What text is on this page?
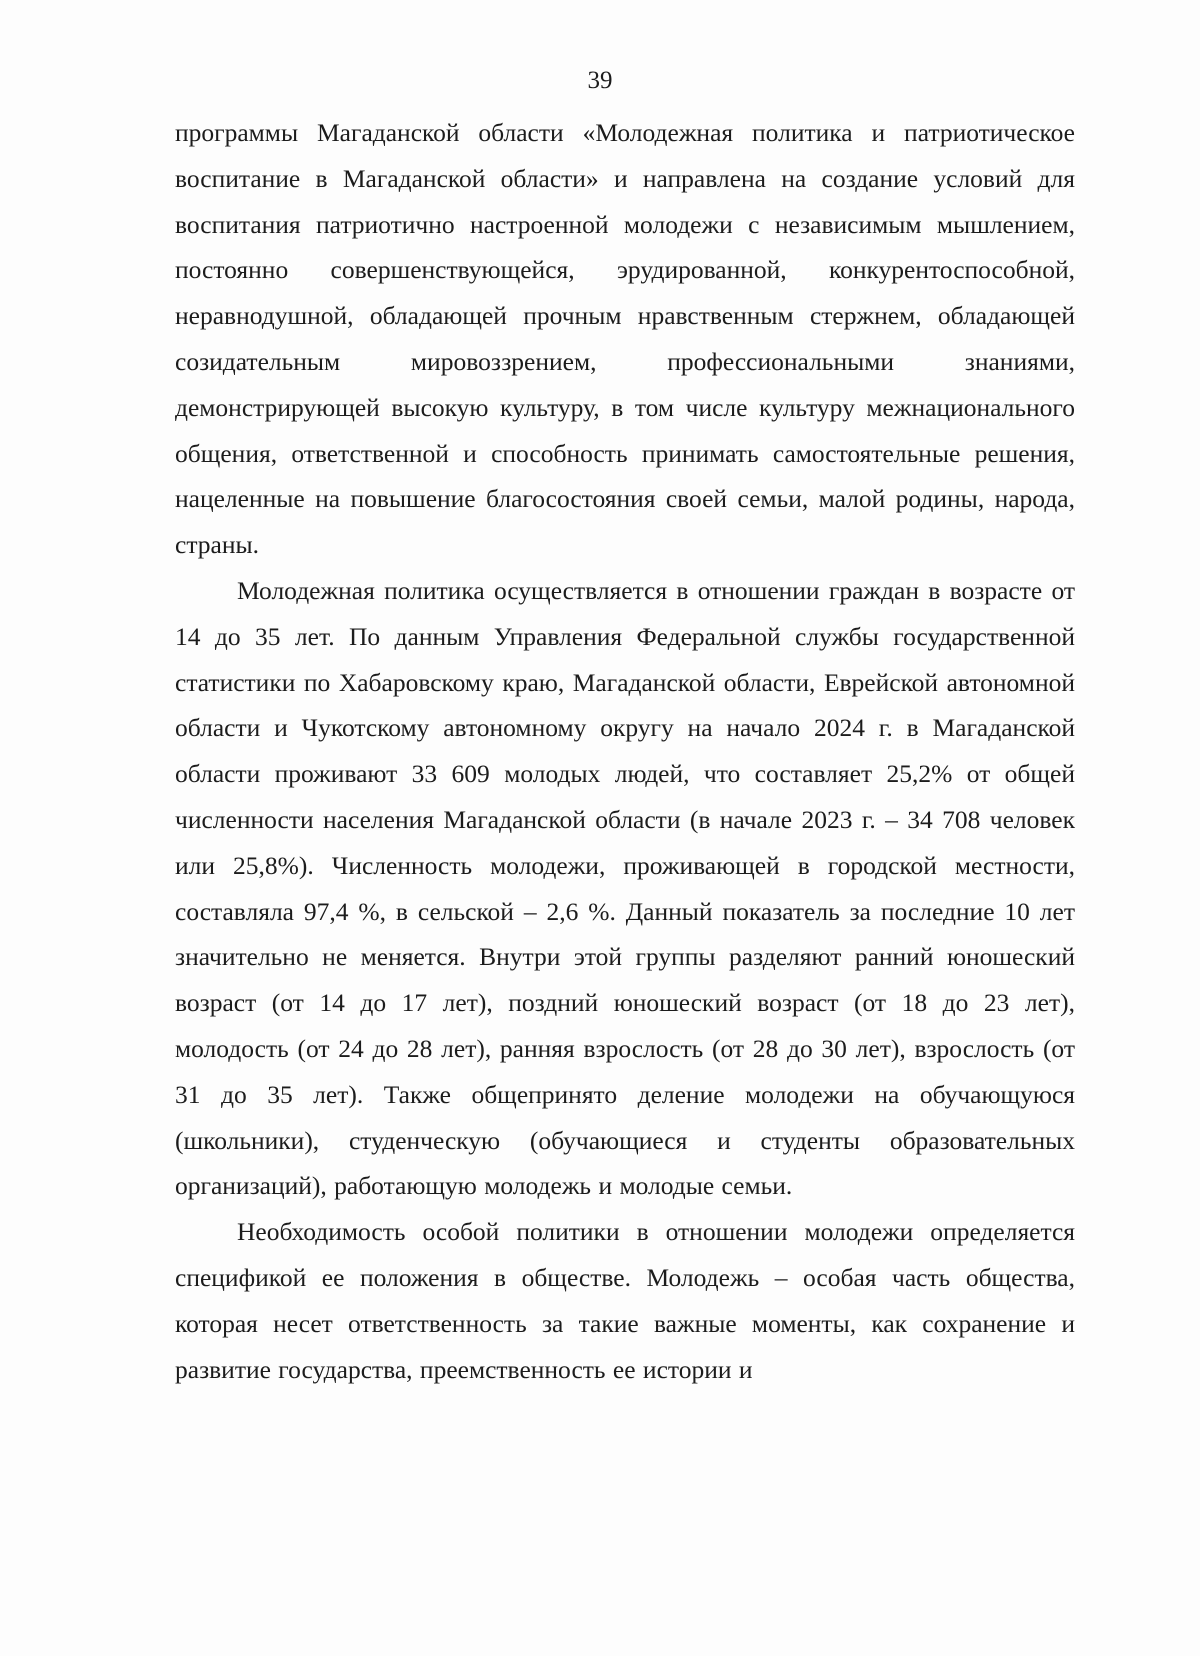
39

программы Магаданской области «Молодежная политика и патриотическое воспитание в Магаданской области» и направлена на создание условий для воспитания патриотично настроенной молодежи с независимым мышлением, постоянно совершенствующейся, эрудированной, конкурентоспособной, неравнодушной, обладающей прочным нравственным стержнем, обладающей созидательным мировоззрением, профессиональными знаниями, демонстрирующей высокую культуру, в том числе культуру межнационального общения, ответственной и способность принимать самостоятельные решения, нацеленные на повышение благосостояния своей семьи, малой родины, народа, страны.

Молодежная политика осуществляется в отношении граждан в возрасте от 14 до 35 лет. По данным Управления Федеральной службы государственной статистики по Хабаровскому краю, Магаданской области, Еврейской автономной области и Чукотскому автономному округу на начало 2024 г. в Магаданской области проживают 33 609 молодых людей, что составляет 25,2% от общей численности населения Магаданской области (в начале 2023 г. – 34 708 человек или 25,8%). Численность молодежи, проживающей в городской местности, составляла 97,4 %, в сельской – 2,6 %. Данный показатель за последние 10 лет значительно не меняется. Внутри этой группы разделяют ранний юношеский возраст (от 14 до 17 лет), поздний юношеский возраст (от 18 до 23 лет), молодость (от 24 до 28 лет), ранняя взрослость (от 28 до 30 лет), взрослость (от 31 до 35 лет). Также общепринято деление молодежи на обучающуюся (школьники), студенческую (обучающиеся и студенты образовательных организаций), работающую молодежь и молодые семьи.

Необходимость особой политики в отношении молодежи определяется спецификой ее положения в обществе. Молодежь – особая часть общества, которая несет ответственность за такие важные моменты, как сохранение и развитие государства, преемственность ее истории и
